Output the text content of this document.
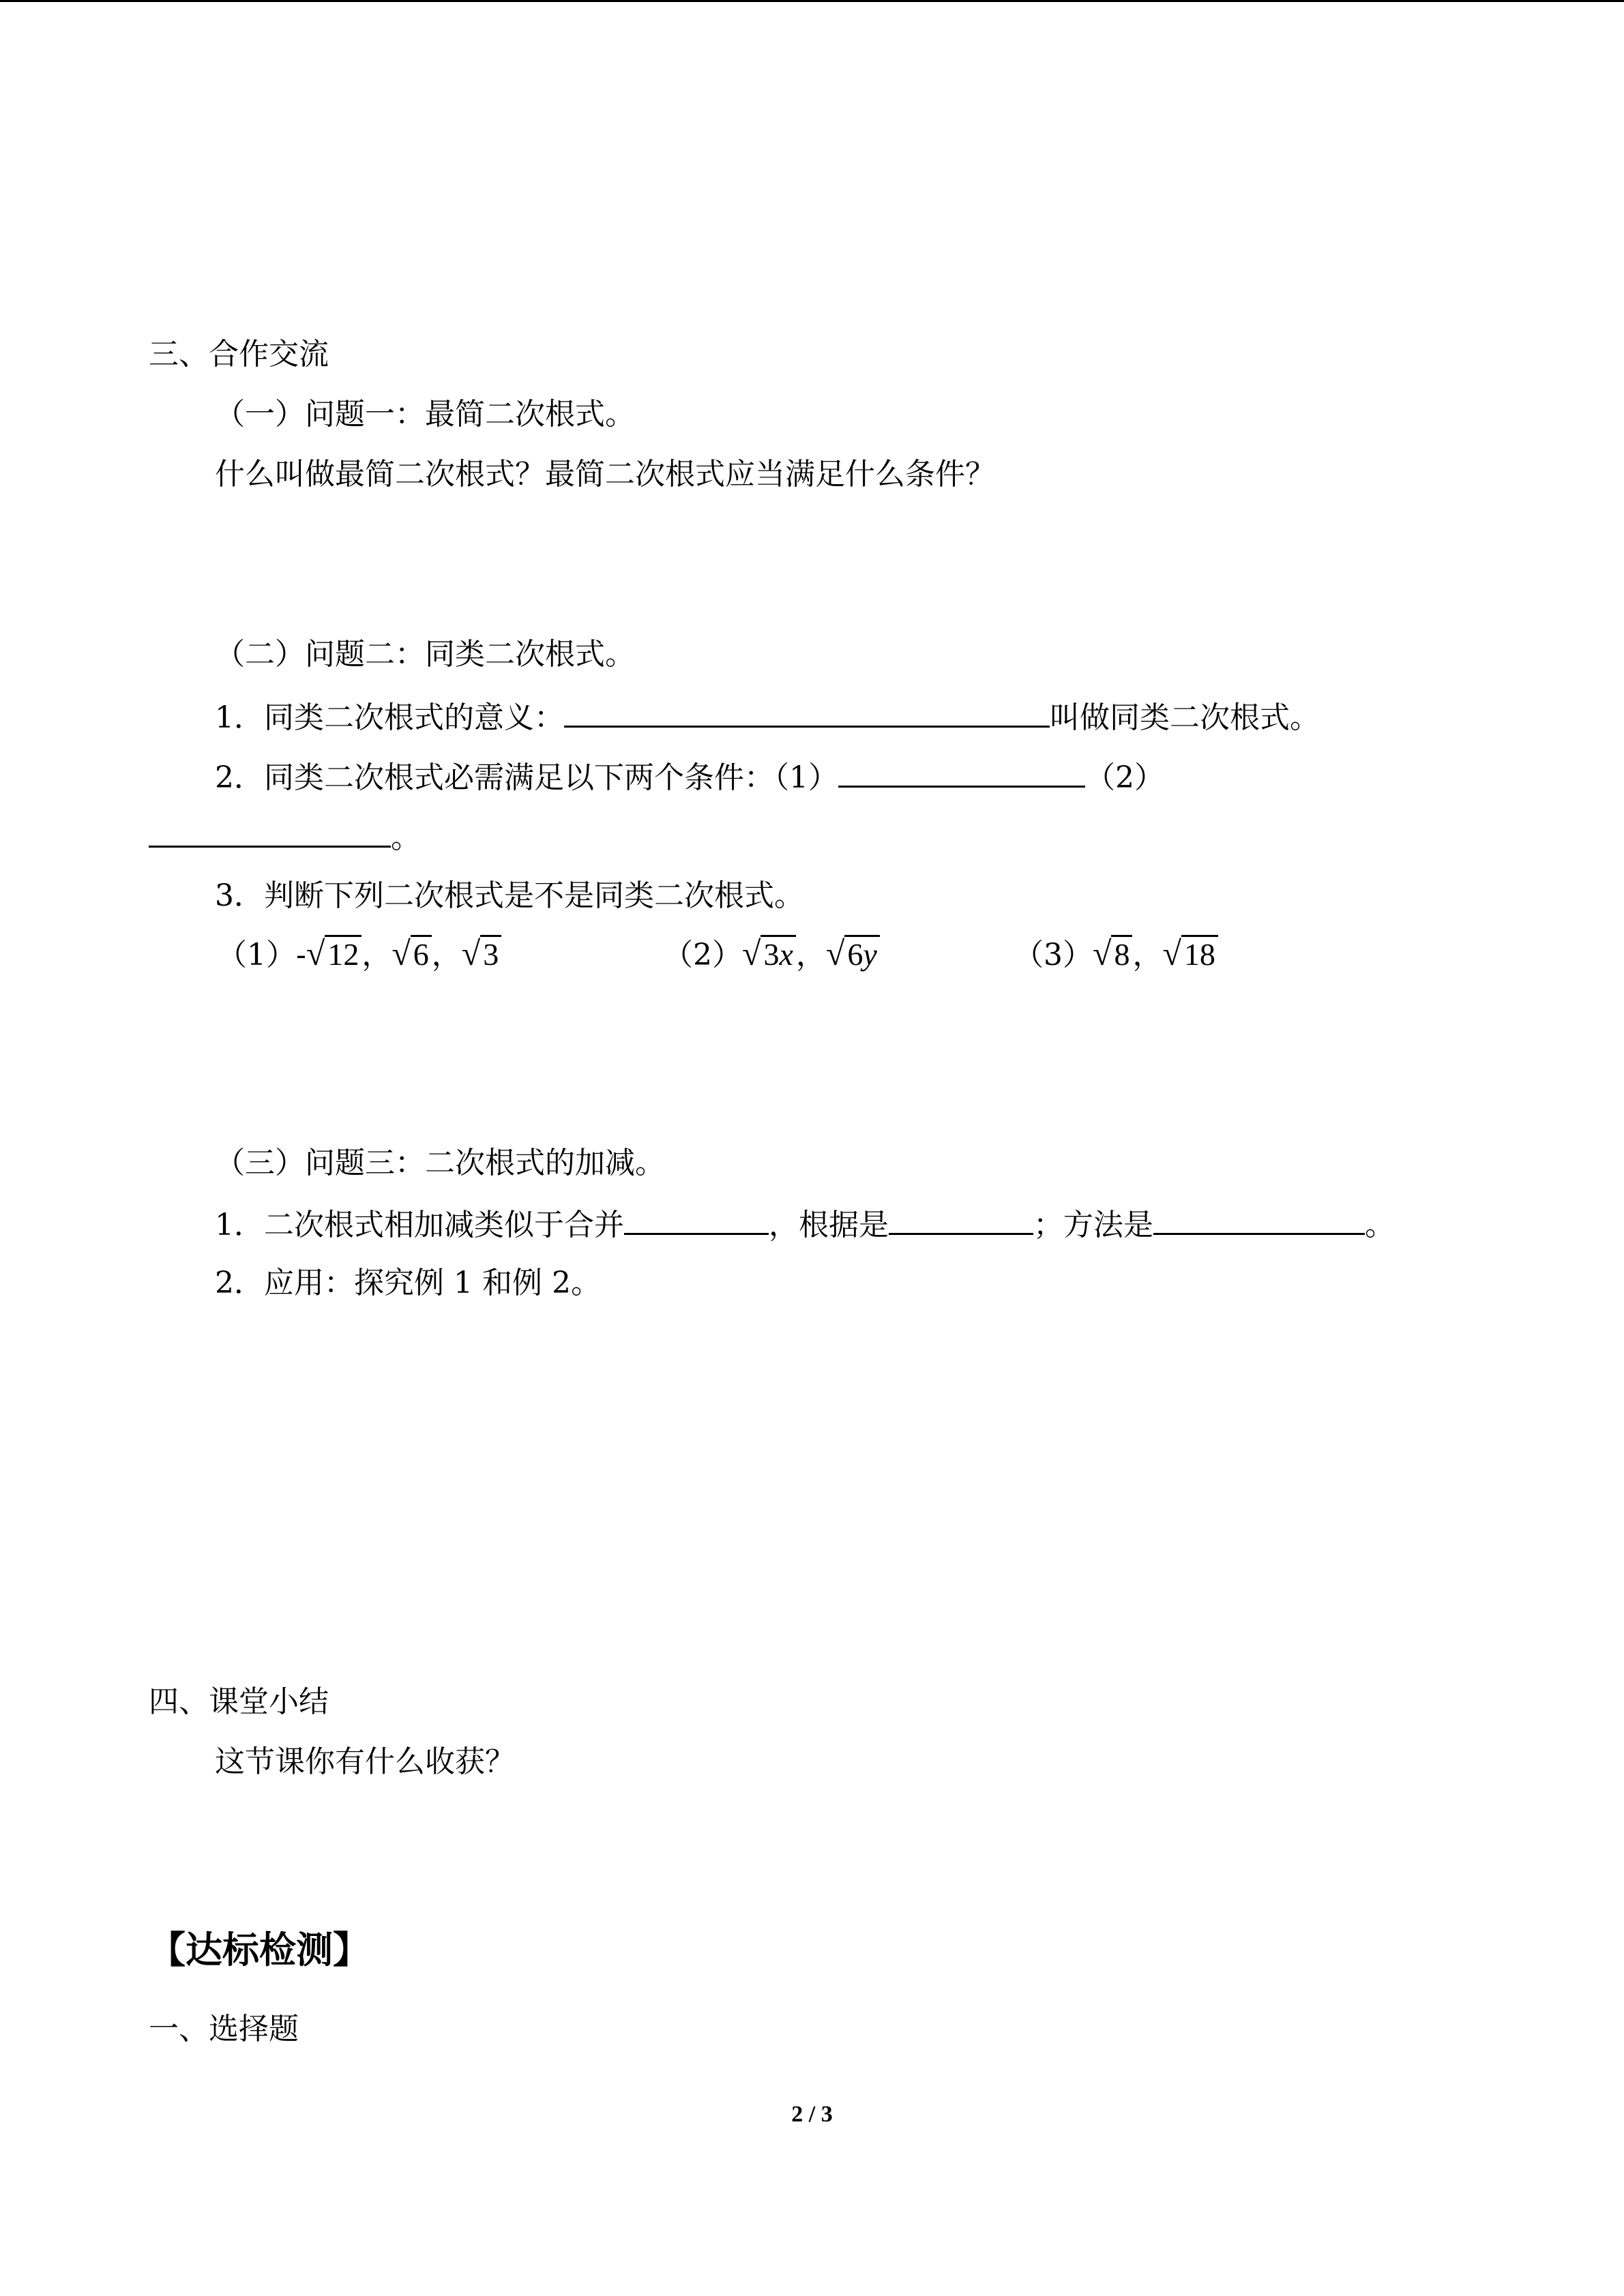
三、合作交流
（一）问题一：最简二次根式。
什么叫做最简二次根式？最简二次根式应当满足什么条件？
（二）问题二：同类二次根式。
1．同类二次根式的意义：	叫做同类二次根式。
2．同类二次根式必需满足以下两个条件：（1）	（2）
。
3．判断下列二次根式是不是同类二次根式。
（1）- √ 12 ， √ 6 ， √ 3	（2） √ 3x ， √ 6y	（3） √ 8 ， √ 18
（三）问题三：二次根式的加减。
1．二次根式相加减类似于合并	，根据是	；方法是	。
2．应用：探究例 1 和例 2。
四、课堂小结
这节课你有什么收获？
【达标检测】
一、选择题
2 / 3
